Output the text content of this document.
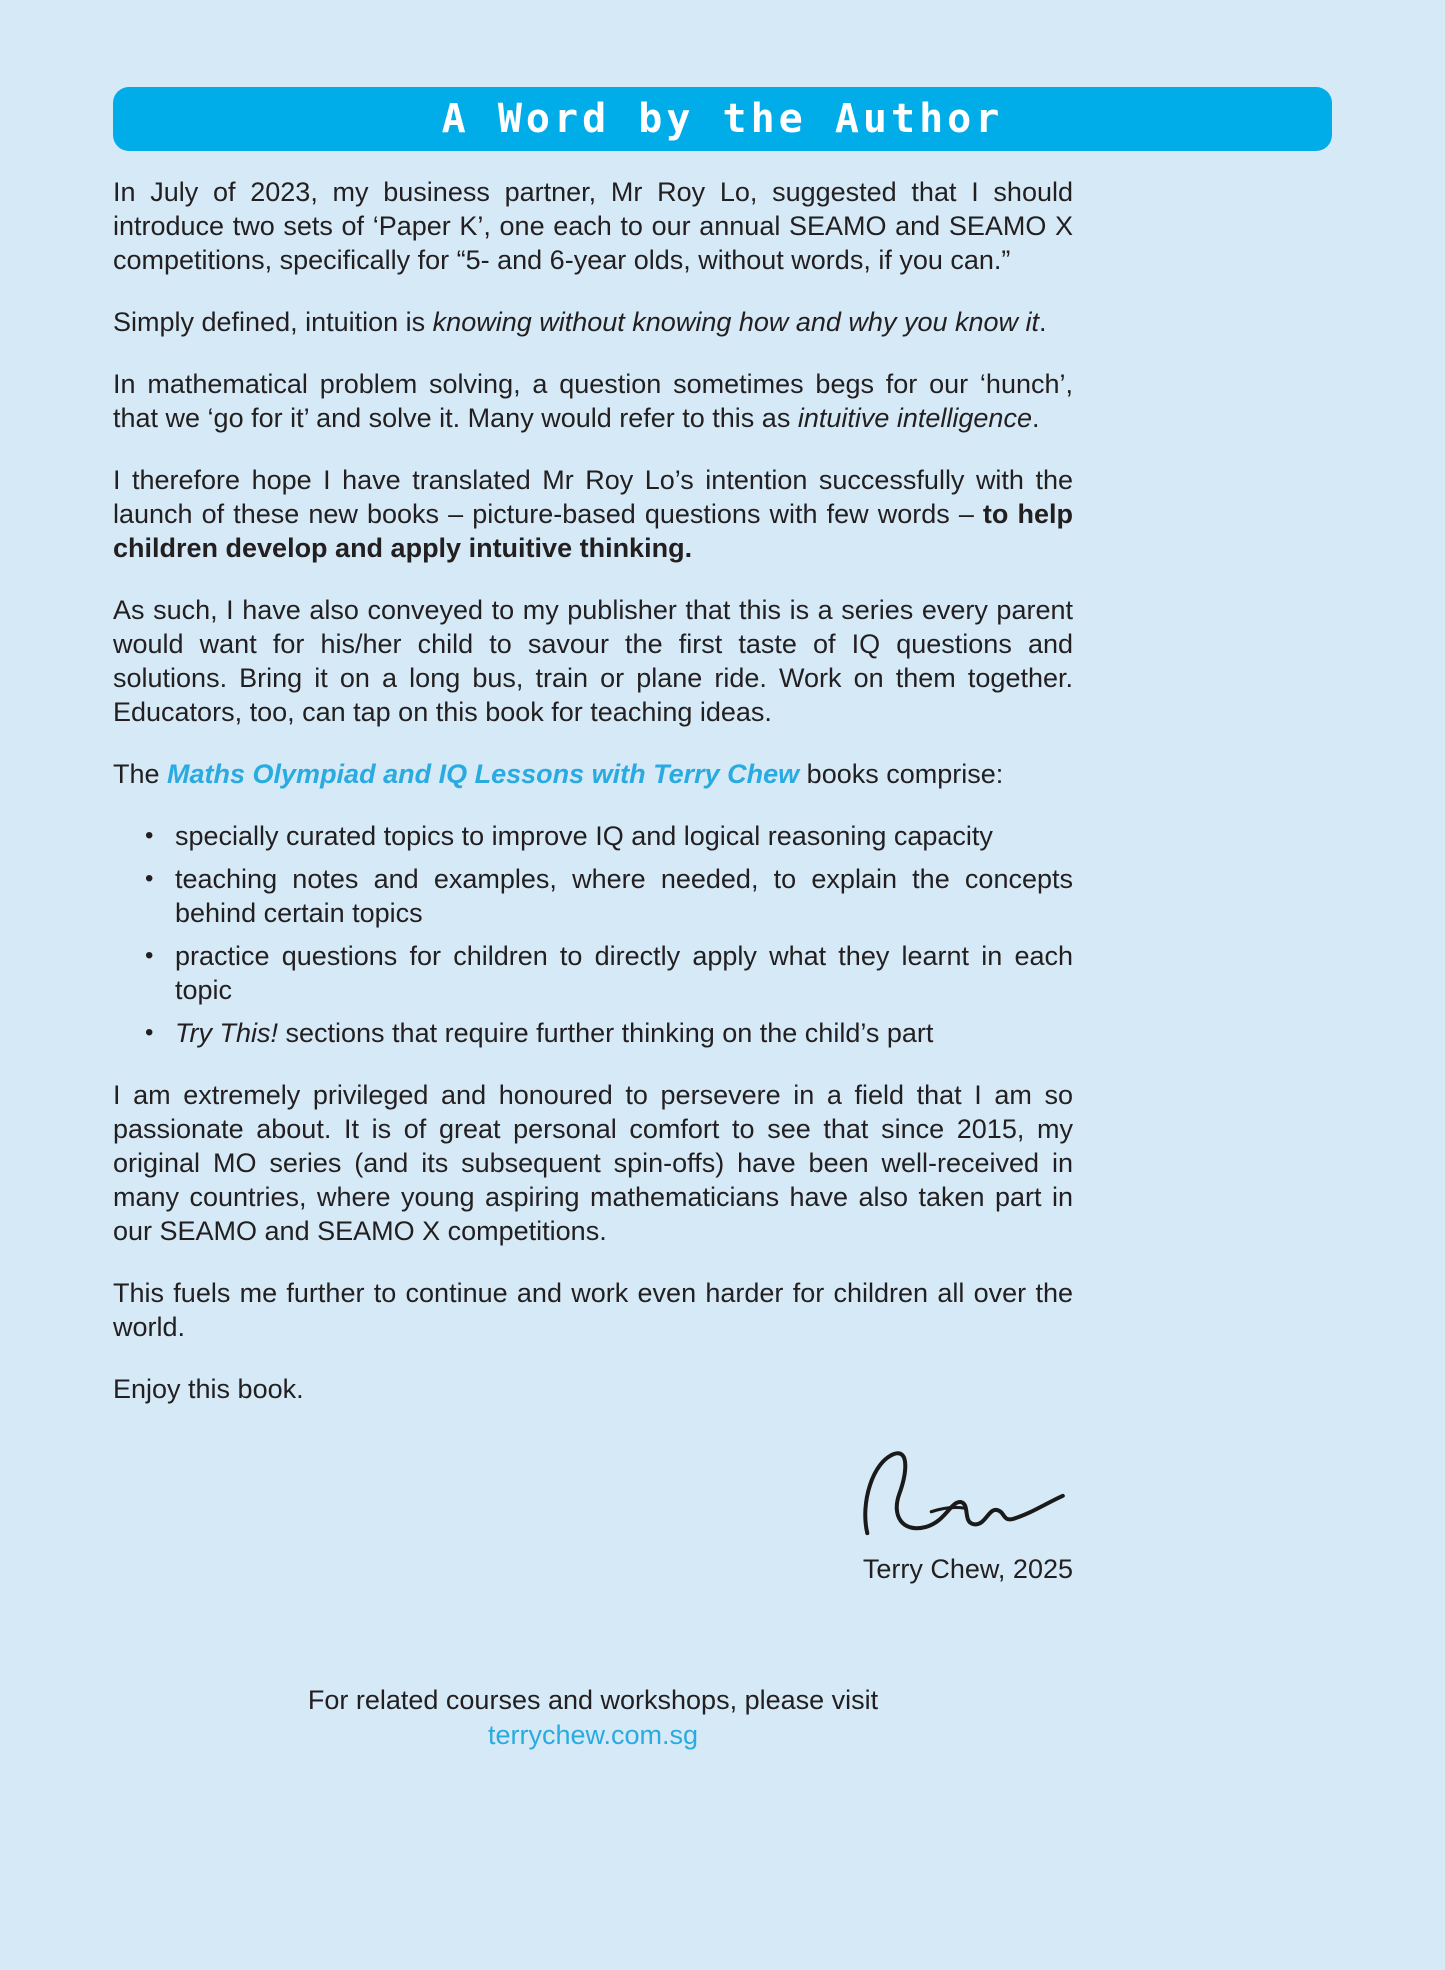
A Word by the Author

In July of 2023, my business partner, Mr Roy Lo, suggested that I should introduce two sets of ‘Paper K’, one each to our annual SEAMO and SEAMO X competitions, specifically for “5- and 6-year olds, without words, if you can.”

Simply defined, intuition is knowing without knowing how and why you know it.

In mathematical problem solving, a question sometimes begs for our ‘hunch’, that we ‘go for it’ and solve it. Many would refer to this as intuitive intelligence.

I therefore hope I have translated Mr Roy Lo’s intention successfully with the launch of these new books – picture-based questions with few words – to help children develop and apply intuitive thinking.

As such, I have also conveyed to my publisher that this is a series every parent would want for his/her child to savour the first taste of IQ questions and solutions. Bring it on a long bus, train or plane ride. Work on them together. Educators, too, can tap on this book for teaching ideas.

The Maths Olympiad and IQ Lessons with Terry Chew books comprise:

• specially curated topics to improve IQ and logical reasoning capacity
• teaching notes and examples, where needed, to explain the concepts behind certain topics
• practice questions for children to directly apply what they learnt in each topic
• Try This! sections that require further thinking on the child’s part

I am extremely privileged and honoured to persevere in a field that I am so passionate about. It is of great personal comfort to see that since 2015, my original MO series (and its subsequent spin-offs) have been well-received in many countries, where young aspiring mathematicians have also taken part in our SEAMO and SEAMO X competitions.

This fuels me further to continue and work even harder for children all over the world.

Enjoy this book.

Terry Chew, 2025
For related courses and workshops, please visit
terrychew.com.sg
